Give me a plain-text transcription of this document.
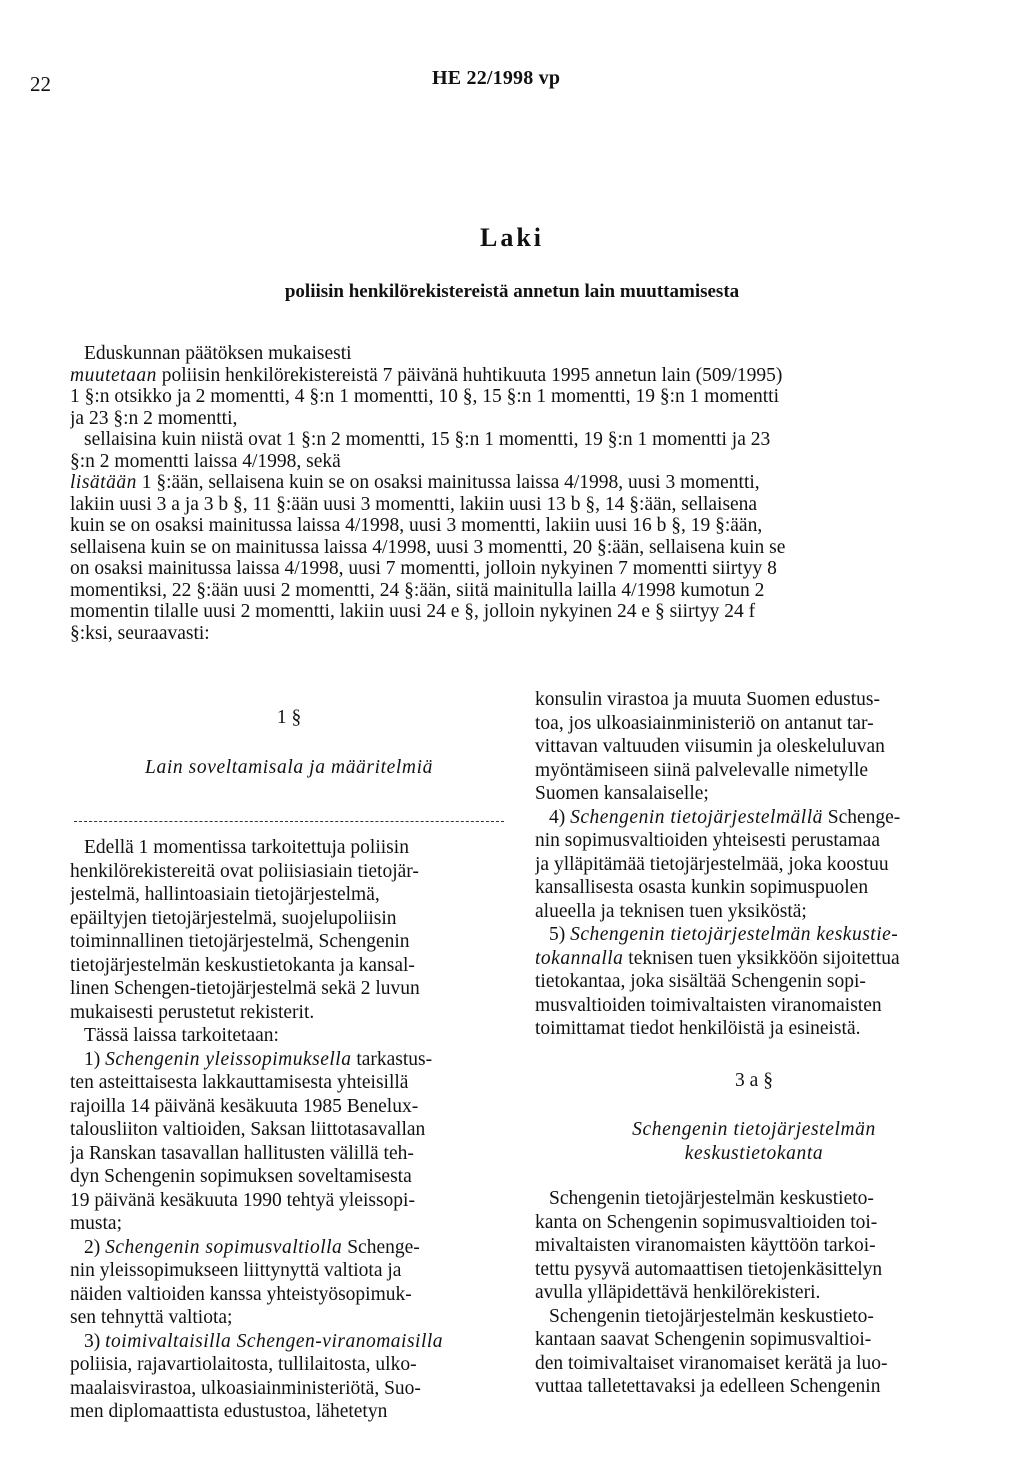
22	HE 22/1998 vp
Laki
poliisin henkilörekistereistä annetun lain muuttamisesta
Eduskunnan päätöksen mukaisesti
muutetaan poliisin henkilörekistereistä 7 päivänä huhtikuuta 1995 annetun lain (509/1995)
1 §:n otsikko ja 2 momentti, 4 §:n 1 momentti, 10 §, 15 §:n 1 momentti, 19 §:n 1 momentti
ja 23 §:n 2 momentti,
sellaisina kuin niistä ovat 1 §:n 2 momentti, 15 §:n 1 momentti, 19 §:n 1 momentti ja 23
§:n 2 momentti laissa 4/1998, sekä
lisätään 1 §:ään, sellaisena kuin se on osaksi mainitussa laissa 4/1998, uusi 3 momentti,
lakiin uusi 3 a ja 3 b §, 11 §:ään uusi 3 momentti, lakiin uusi 13 b §, 14 §:ään, sellaisena
kuin se on osaksi mainitussa laissa 4/1998, uusi 3 momentti, lakiin uusi 16 b §, 19 §:ään,
sellaisena kuin se on mainitussa laissa 4/1998, uusi 3 momentti, 20 §:ään, sellaisena kuin se
on osaksi mainitussa laissa 4/1998, uusi 7 momentti, jolloin nykyinen 7 momentti siirtyy 8
momentiksi, 22 §:ään uusi 2 momentti, 24 §:ään, siitä mainitulla lailla 4/1998 kumotun 2
momentin tilalle uusi 2 momentti, lakiin uusi 24 e §, jolloin nykyinen 24 e § siirtyy 24 f
§:ksi, seuraavasti:
1 §
Lain soveltamisala ja määritelmiä
Edellä 1 momentissa tarkoitettuja poliisin
henkilörekistereitä ovat poliisiasiain tietojär-
jestelmä, hallintoasiain tietojärjestelmä,
epäiltyjen tietojärjestelmä, suojelupoliisin
toiminnallinen tietojärjestelmä, Schengenin
tietojärjestelmän keskustietokanta ja kansal-
linen Schengen-tietojärjestelmä sekä 2 luvun
mukaisesti perustetut rekisterit.
Tässä laissa tarkoitetaan:
1) Schengenin yleissopimuksella tarkastus-
ten asteittaisesta lakkauttamisesta yhteisillä
rajoilla 14 päivänä kesäkuuta 1985 Benelux-
talousliiton valtioiden, Saksan liittotasavallan
ja Ranskan tasavallan hallitusten välillä teh-
dyn Schengenin sopimuksen soveltamisesta
19 päivänä kesäkuuta 1990 tehtyä yleissopi-
musta;
2) Schengenin sopimusvaltiolla Schenge-
nin yleissopimukseen liittynyttä valtiota ja
näiden valtioiden kanssa yhteistyösopimuk-
sen tehnyttä valtiota;
3) toimivaltaisilla Schengen-viranomaisilla
poliisia, rajavartiolaitosta, tullilaitosta, ulko-
maalaisvirastoa, ulkoasiainministeriötä, Suo-
men diplomaattista edustustoa, lähetetyn
konsulin virastoa ja muuta Suomen edustus-
toa, jos ulkoasiainministeriö on antanut tar-
vittavan valtuuden viisumin ja oleskeluluvan
myöntämiseen siinä palvelevalle nimetylle
Suomen kansalaiselle;
4) Schengenin tietojärjestelmällä Schenge-
nin sopimusvaltioiden yhteisesti perustamaa
ja ylläpitämää tietojärjestelmää, joka koostuu
kansallisesta osasta kunkin sopimuspuolen
alueella ja teknisen tuen yksiköstä;
5) Schengenin tietojärjestelmän keskustie-
tokannalla teknisen tuen yksikköön sijoitettua
tietokantaa, joka sisältää Schengenin sopi-
musvaltioiden toimivaltaisten viranomaisten
toimittamat tiedot henkilöistä ja esineistä.
3 a §
Schengenin tietojärjestelmän
keskustietokanta
Schengenin tietojärjestelmän keskustieto-
kanta on Schengenin sopimusvaltioiden toi-
mivaltaisten viranomaisten käyttöön tarkoi-
tettu pysyvä automaattisen tietojenkäsittelyn
avulla ylläpidettävä henkilörekisteri.
Schengenin tietojärjestelmän keskustieto-
kantaan saavat Schengenin sopimusvaltioi-
den toimivaltaiset viranomaiset kerätä ja luo-
vuttaa talletettavaksi ja edelleen Schengenin
